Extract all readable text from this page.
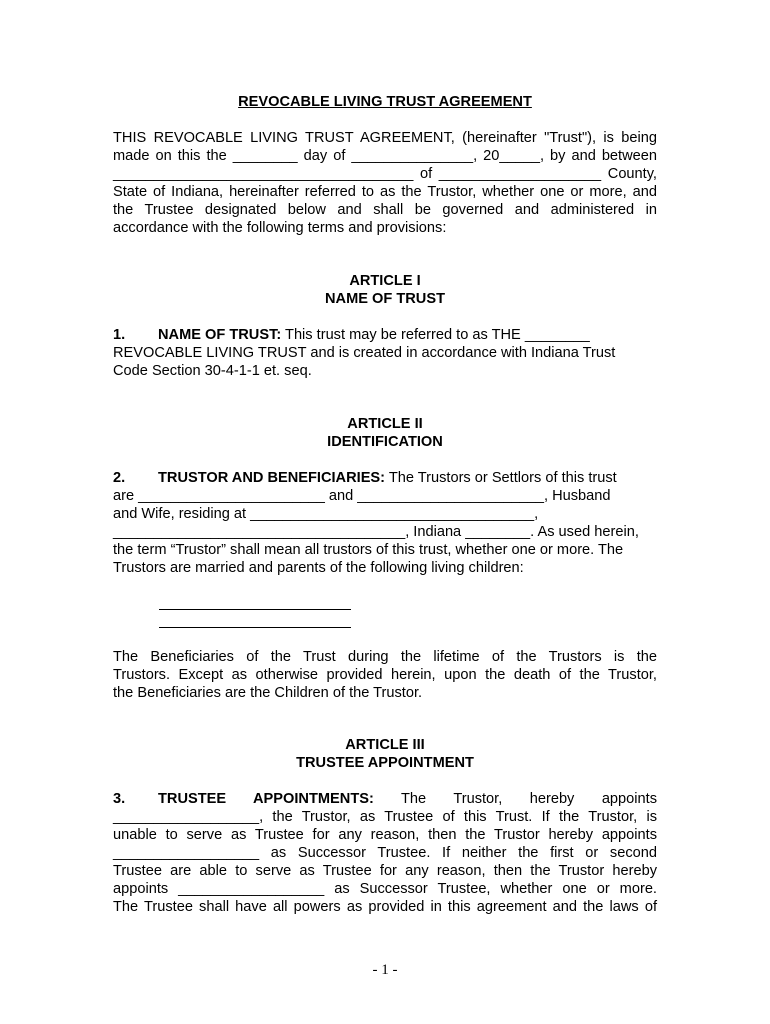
REVOCABLE LIVING TRUST AGREEMENT
THIS REVOCABLE LIVING TRUST AGREEMENT, (hereinafter "Trust"), is being
made on this the ________ day of _______________, 20_____, by and between
_____________________________________ of ____________________ County,
State of Indiana, hereinafter referred to as the Trustor, whether one or more, and
the Trustee designated below and shall be governed and administered in
accordance with the following terms and provisions:
ARTICLE I
NAME OF TRUST
1. NAME OF TRUST: This trust may be referred to as THE ________
REVOCABLE LIVING TRUST and is created in accordance with Indiana Trust
Code Section 30-4-1-1 et. seq.
ARTICLE II
IDENTIFICATION
2. TRUSTOR AND BENEFICIARIES: The Trustors or Settlors of this trust
are _______________________ and _______________________, Husband
and Wife, residing at ___________________________________,
____________________________________, Indiana ________. As used herein,
the term “Trustor” shall mean all trustors of this trust, whether one or more. The
Trustors are married and parents of the following living children:
The Beneficiaries of the Trust during the lifetime of the Trustors is the
Trustors. Except as otherwise provided herein, upon the death of the Trustor,
the Beneficiaries are the Children of the Trustor.
ARTICLE III
TRUSTEE APPOINTMENT
3. TRUSTEE APPOINTMENTS: The Trustor, hereby appoints
__________________, the Trustor, as Trustee of this Trust. If the Trustor, is
unable to serve as Trustee for any reason, then the Trustor hereby appoints
__________________ as Successor Trustee. If neither the first or second
Trustee are able to serve as Trustee for any reason, then the Trustor hereby
appoints __________________ as Successor Trustee, whether one or more.
The Trustee shall have all powers as provided in this agreement and the laws of
- 1 -
